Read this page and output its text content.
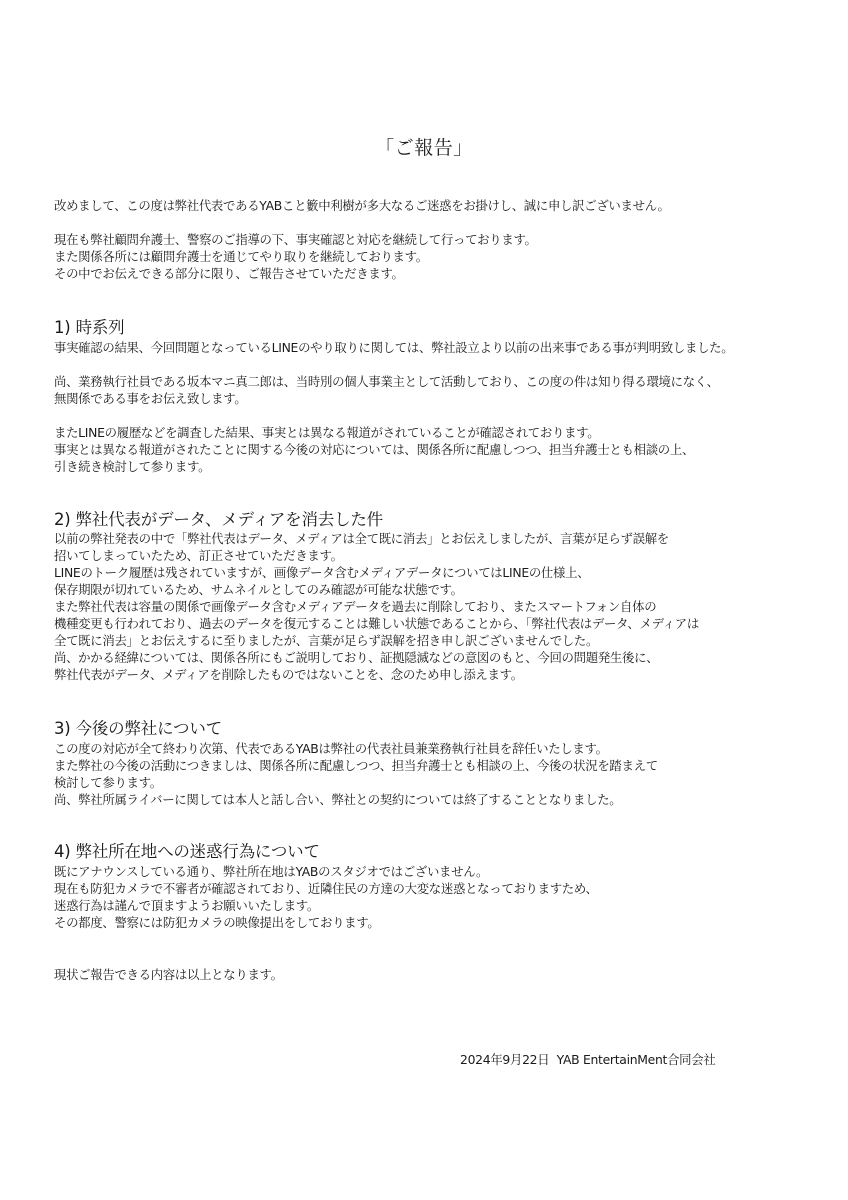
「ご報告」
改めまして、この度は弊社代表であるYABこと籔中利樹が多大なるご迷惑をお掛けし、誠に申し訳ございません。
現在も弊社顧問弁護士、警察のご指導の下、事実確認と対応を継続して行っております。
また関係各所には顧問弁護士を通じてやり取りを継続しております。
その中でお伝えできる部分に限り、ご報告させていただきます。
1) 時系列
事実確認の結果、今回問題となっているLINEのやり取りに関しては、弊社設立より以前の出来事である事が判明致しました。
尚、業務執行社員である坂本マニ真二郎は、当時別の個人事業主として活動しており、この度の件は知り得る環境になく、
無関係である事をお伝え致します。
またLINEの履歴などを調査した結果、事実とは異なる報道がされていることが確認されております。
事実とは異なる報道がされたことに関する今後の対応については、関係各所に配慮しつつ、担当弁護士とも相談の上、
引き続き検討して参ります。
2) 弊社代表がデータ、メディアを消去した件
以前の弊社発表の中で「弊社代表はデータ、メディアは全て既に消去」とお伝えしましたが、言葉が足らず誤解を
招いてしまっていたため、訂正させていただきます。
LINEのトーク履歴は残されていますが、画像データ含むメディアデータについてはLINEの仕様上、
保存期限が切れているため、サムネイルとしてのみ確認が可能な状態です。
また弊社代表は容量の関係で画像データ含むメディアデータを過去に削除しており、またスマートフォン自体の
機種変更も行われており、過去のデータを復元することは難しい状態であることから、「弊社代表はデータ、メディアは
全て既に消去」とお伝えするに至りましたが、言葉が足らず誤解を招き申し訳ございませんでした。
尚、かかる経緯については、関係各所にもご説明しており、証拠隠滅などの意図のもと、今回の問題発生後に、
弊社代表がデータ、メディアを削除したものではないことを、念のため申し添えます。
3) 今後の弊社について
この度の対応が全て終わり次第、代表であるYABは弊社の代表社員兼業務執行社員を辞任いたします。
また弊社の今後の活動につきましは、関係各所に配慮しつつ、担当弁護士とも相談の上、今後の状況を踏まえて
検討して参ります。
尚、弊社所属ライバーに関しては本人と話し合い、弊社との契約については終了することとなりました。
4) 弊社所在地への迷惑行為について
既にアナウンスしている通り、弊社所在地はYABのスタジオではございません。
現在も防犯カメラで不審者が確認されており、近隣住民の方達の大変な迷惑となっておりますため、
迷惑行為は謹んで頂ますようお願いいたします。
その都度、警察には防犯カメラの映像提出をしております。
現状ご報告できる内容は以上となります。
2024年9月22日 YAB EntertainMent合同会社
